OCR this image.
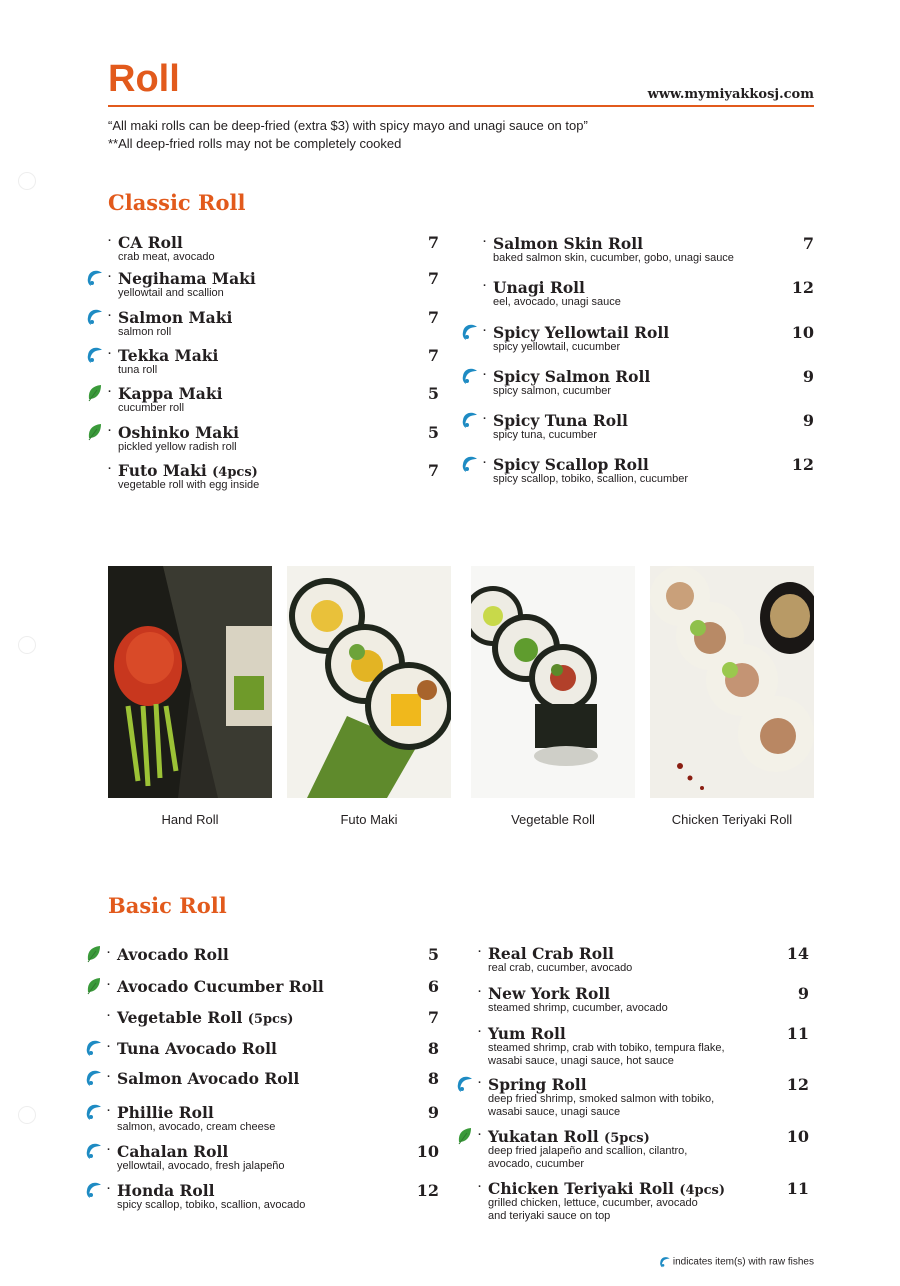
Roll	www.mymiyakkosj.com
“All maki rolls can be deep-fried (extra $3) with spicy mayo and unagi sauce on top”
**All deep-fried rolls may not be completely cooked
Classic Roll
· CA Roll
crab meat, avocado
7
· Negihama Maki
yellowtail and scallion
7
· Salmon Maki
salmon roll
7
· Tekka Maki
tuna roll
7
· Kappa Maki
cucumber roll
5
· Oshinko Maki
pickled yellow radish roll
5
· Futo Maki (4pcs)
vegetable roll with egg inside
7
· Salmon Skin Roll
baked salmon skin, cucumber, gobo, unagi sauce
7
· Unagi Roll
eel, avocado, unagi sauce
12
· Spicy Yellowtail Roll
spicy yellowtail, cucumber
10
· Spicy Salmon Roll
spicy salmon, cucumber
9
· Spicy Tuna Roll
spicy tuna, cucumber
9
· Spicy Scallop Roll
spicy scallop, tobiko, scallion, cucumber
12
Hand Roll	Futo Maki	Vegetable Roll	Chicken Teriyaki Roll
Basic Roll
· Avocado Roll	5
· Avocado Cucumber Roll	6
· Vegetable Roll (5pcs)	7
· Tuna Avocado Roll	8
· Salmon Avocado Roll	8
· Phillie Roll
salmon, avocado, cream cheese
9
· Cahalan Roll
yellowtail, avocado, fresh jalapeño
10
· Honda Roll
spicy scallop, tobiko, scallion, avocado
12
· Real Crab Roll
real crab, cucumber, avocado
14
· New York Roll
steamed shrimp, cucumber, avocado
9
· Yum Roll
steamed shrimp, crab with tobiko, tempura flake,
wasabi sauce, unagi sauce, hot sauce
11
· Spring Roll
deep fried shrimp, smoked salmon with tobiko,
wasabi sauce, unagi sauce
12
· Yukatan Roll (5pcs)
deep fried jalapeño and scallion, cilantro,
avocado, cucumber
10
· Chicken Teriyaki Roll (4pcs)
grilled chicken, lettuce, cucumber, avocado
and teriyaki sauce on top
11
indicates item(s) with raw fishes
